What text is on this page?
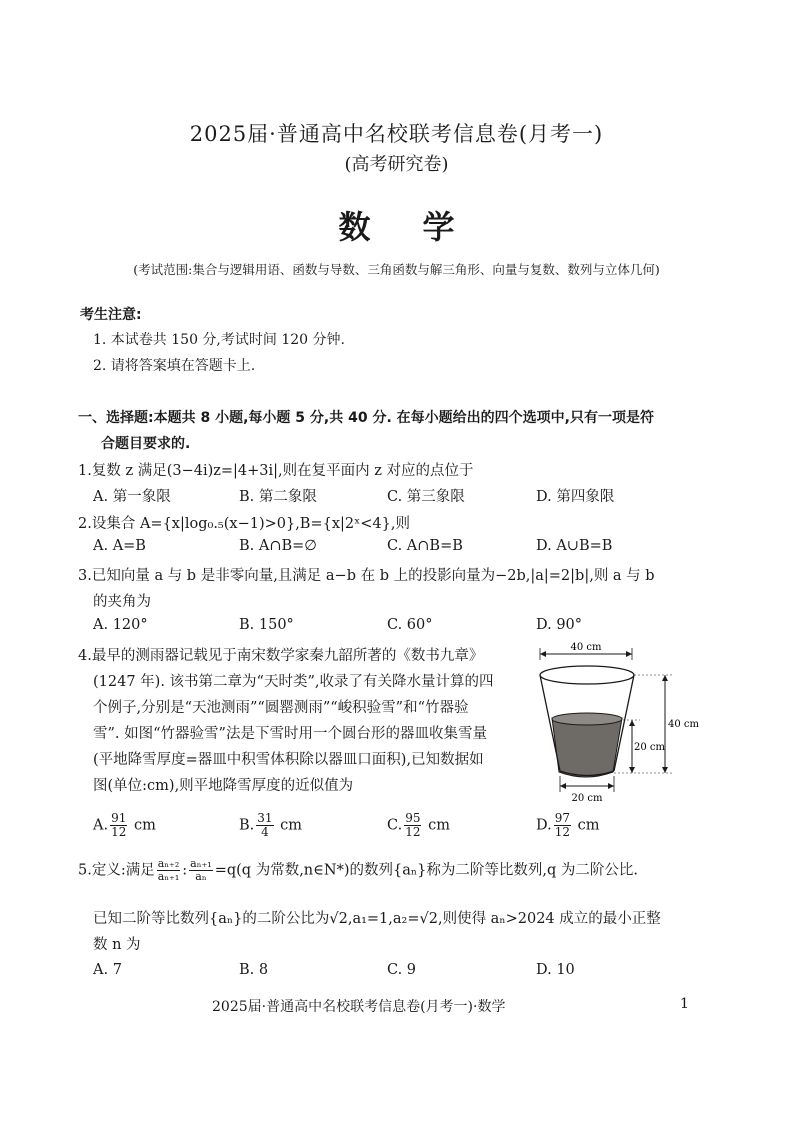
2025届·普通高中名校联考信息卷(月考一)
(高考研究卷)
数学
(考试范围:集合与逻辑用语、函数与导数、三角函数与解三角形、向量与复数、数列与立体几何)
考生注意:
1. 本试卷共 150 分,考试时间 120 分钟.
2. 请将答案填在答题卡上.
一、选择题:本题共 8 小题,每小题 5 分,共 40 分. 在每小题给出的四个选项中,只有一项是符
合题目要求的.
1.复数 z 满足(3−4i)z=|4+3i|,则在复平面内 z 对应的点位于
A. 第一象限	B. 第二象限	C. 第三象限	D. 第四象限
2.设集合 A={x|log₀.₅(x−1)>0},B={x|2ˣ<4},则
A. A=B	B. A∩B=∅	C. A∩B=B	D. A∪B=B
3.已知向量 a 与 b 是非零向量,且满足 a−b 在 b 上的投影向量为−2b,|a|=2|b|,则 a 与 b
的夹角为
A. 120°	B. 150°	C. 60°	D. 90°
4.最早的测雨器记载见于南宋数学家秦九韶所著的《数书九章》
(1247 年). 该书第二章为“天时类”,收录了有关降水量计算的四
个例子,分别是“天池测雨”“圆罂测雨”“峻积验雪”和“竹器验
雪”. 如图“竹器验雪”法是下雪时用一个圆台形的器皿收集雪量
(平地降雪厚度=器皿中积雪体积除以器皿口面积),已知数据如
图(单位:cm),则平地降雪厚度的近似值为
40 cm
40 cm
20 cm
20 cm
A. $\frac{91}{12}$ cm	B. $\frac{31}{4}$ cm	C. $\frac{95}{12}$ cm	D. $\frac{97}{12}$ cm
5.定义:满足 $\frac{\text{aₙ₊₂}}{\text{aₙ₊₁}}$ : $\frac{\text{aₙ₊₁}}{\text{aₙ}} =q(q$ 为常数,n∈N*)的数列{aₙ}称为二阶等比数列,q 为二阶公比.
已知二阶等比数列{aₙ}的二阶公比为√2,a₁=1,a₂=√2,则使得 aₙ>2024 成立的最小正整
数 n 为
A. 7	B. 8	C. 9	D. 10
2025届·普通高中名校联考信息卷(月考一)·数学	1
